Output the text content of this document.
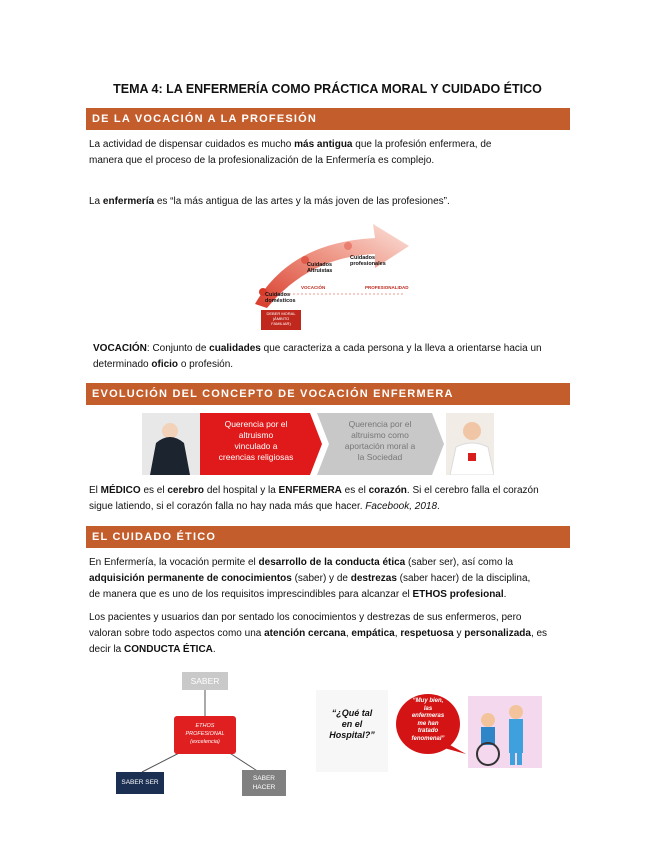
TEMA 4: LA ENFERMERÍA COMO PRÁCTICA MORAL Y CUIDADO ÉTICO
DE LA VOCACIÓN A LA PROFESIÓN
La actividad de dispensar cuidados es mucho más antigua que la profesión enfermera, de
manera que el proceso de la profesionalización de la Enfermería es complejo.
La enfermería es “la más antigua de las artes y la más joven de las profesiones”.
Cuidados
domésticos
Cuidados
Altruistas
Cuidados
profesionales
VOCACIÓN	PROFESIONALIDAD
DEBER MORAL
(ÁMBITO
FAMILIAR)
VOCACIÓN: Conjunto de cualidades que caracteriza a cada persona y la lleva a orientarse hacia un
determinado oficio o profesión.
EVOLUCIÓN DEL CONCEPTO DE VOCACIÓN ENFERMERA
Querencia por el
altruismo
vinculado a
creencias religiosas
Querencia por el
altruismo como
aportación moral a
la Sociedad
El MÉDICO es el cerebro del hospital y la ENFERMERA es el corazón. Si el cerebro falla el corazón
sigue latiendo, si el corazón falla no hay nada más que hacer. Facebook, 2018.
EL CUIDADO ÉTICO
En Enfermería, la vocación permite el desarrollo de la conducta ética (saber ser), así como la
adquisición permanente de conocimientos (saber) y de destrezas (saber hacer) de la disciplina,
de manera que es uno de los requisitos imprescindibles para alcanzar el ETHOS profesional.
Los pacientes y usuarios dan por sentado los conocimientos y destrezas de sus enfermeros, pero
valoran sobre todo aspectos como una atención cercana, empática, respetuosa y personalizada, es
decir la CONDUCTA ÉTICA.
SABER
ETHOS
PROFESIONAL
(excelencia)
SABER SER
SABER
HACER
“¿Qué tal
en el
Hospital?”
“Muy bien,
las
enfermeras
me han
tratado
fenomenal”
